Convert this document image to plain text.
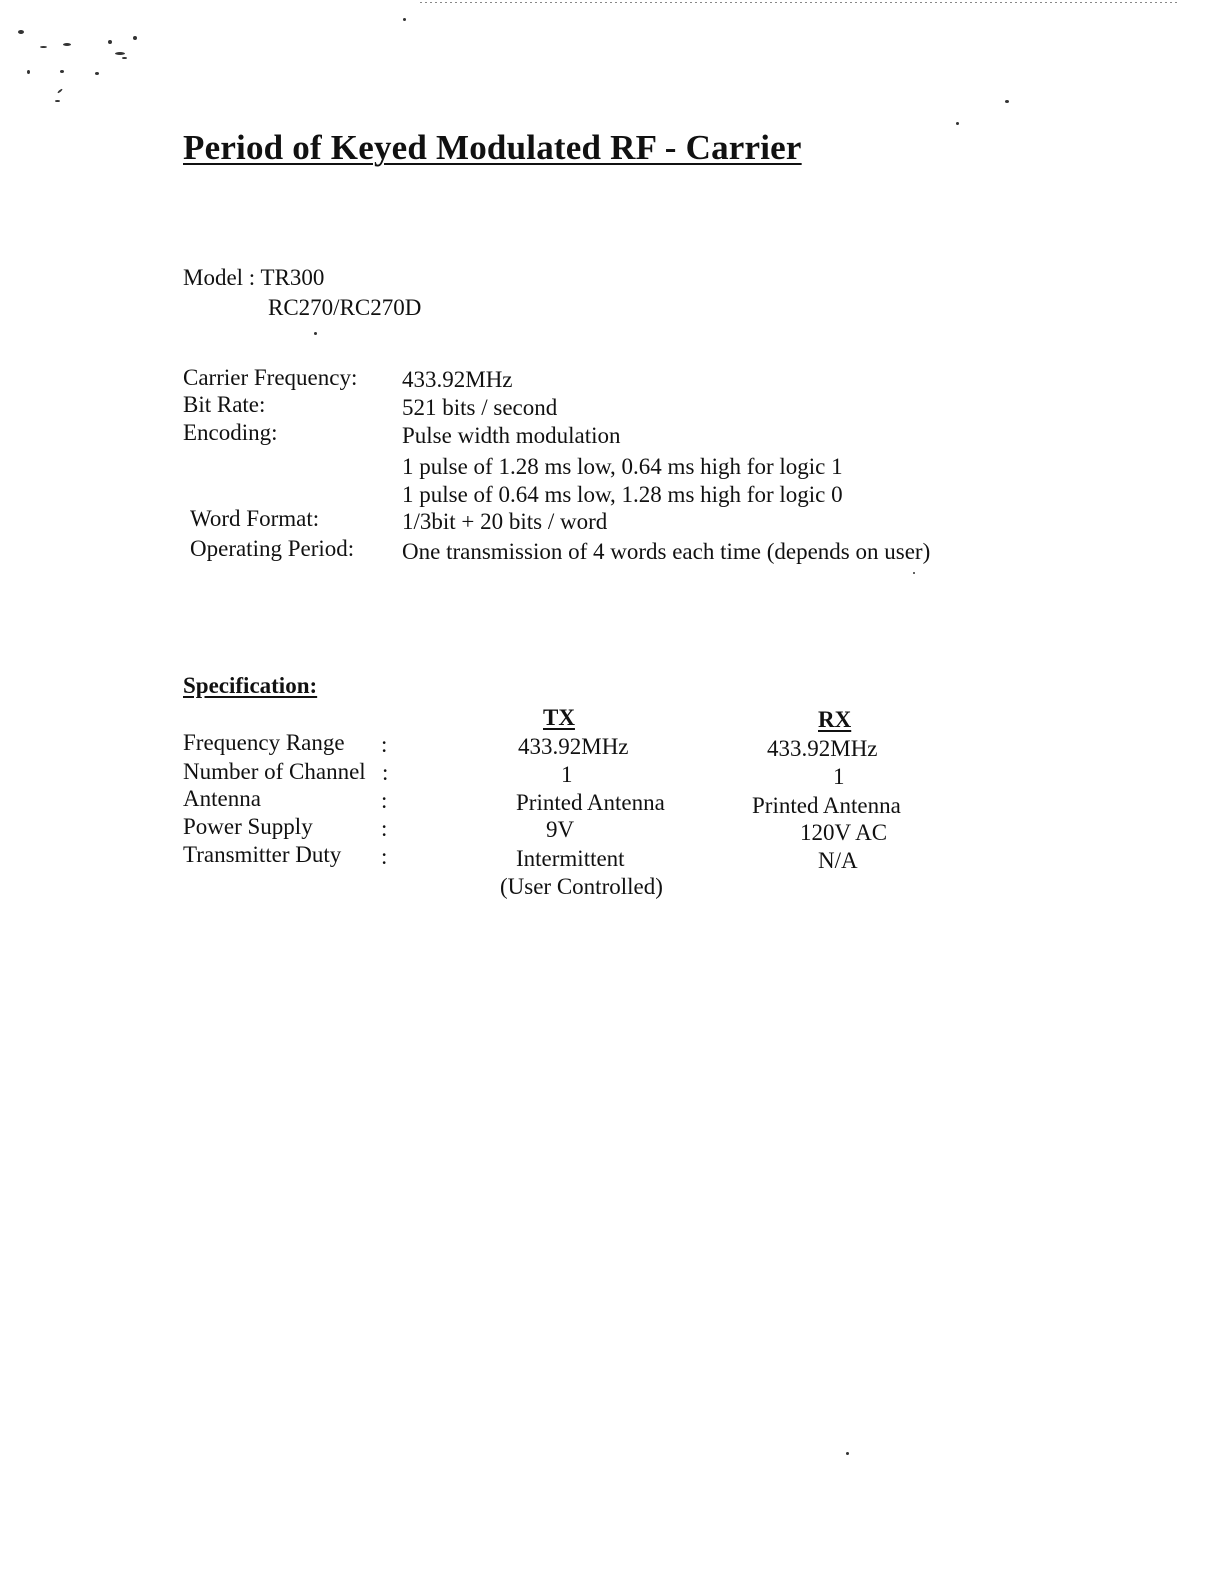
Period of Keyed Modulated RF - Carrier
Model : TR300
RC270/RC270D
Carrier Frequency: 433.92MHz
Bit Rate:	521 bits / second
Encoding:	Pulse width modulation
1 pulse of 1.28 ms low, 0.64 ms high for logic 1
1 pulse of 0.64 ms low, 1.28 ms high for logic 0
Word Format:	1/3bit + 20 bits / word
Operating Period: One transmission of 4 words each time (depends on user)
Specification:
TX	RX
Frequency Range :	433.92MHz	433.92MHz
Number of Channel :	1	1
Antenna	:	Printed Antenna	Printed Antenna
Power Supply	:	9V	120V AC
Transmitter Duty :	Intermittent	N/A
(User Controlled)
